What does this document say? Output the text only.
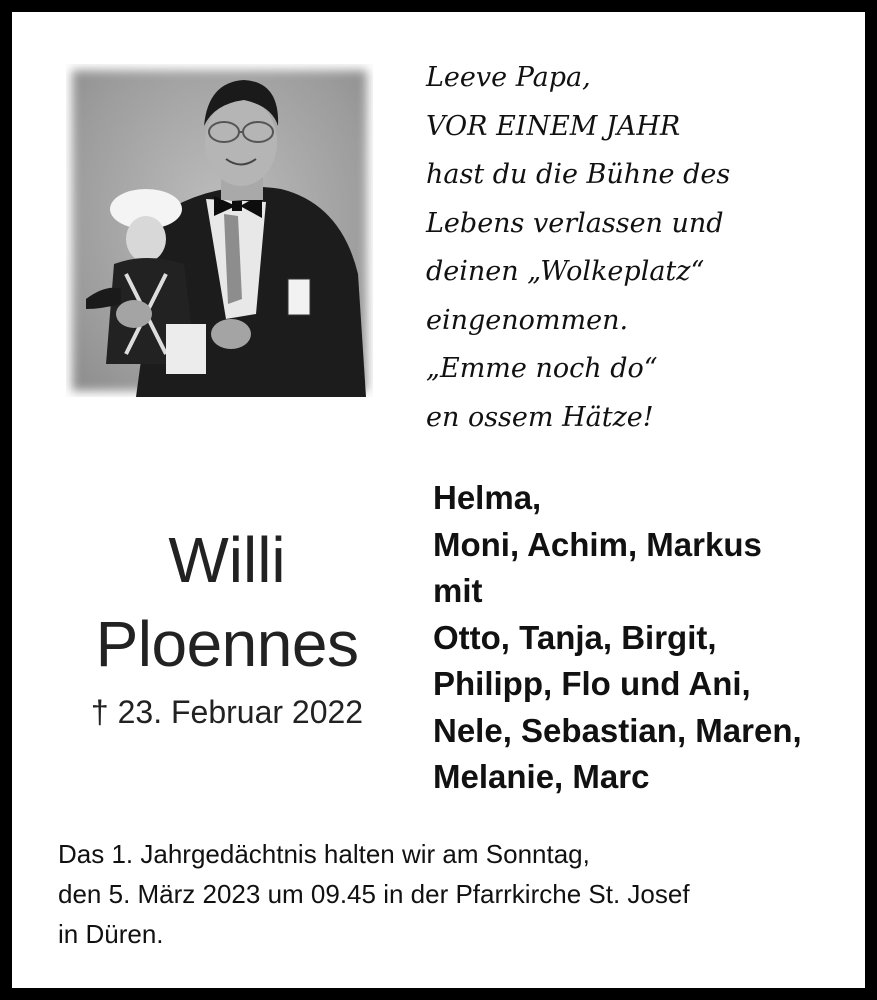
Leeve Papa,
VOR EINEM JAHR
hast du die Bühne des
Lebens verlassen und
deinen „Wolkeplatz“
eingenommen.
„Emme noch do“
en ossem Hätze!
Willi
Ploennes
† 23. Februar 2022
Helma,
Moni, Achim, Markus
mit
Otto, Tanja, Birgit,
Philipp, Flo und Ani,
Nele, Sebastian, Maren,
Melanie, Marc
Das 1. Jahrgedächtnis halten wir am Sonntag,
den 5. März 2023 um 09.45 in der Pfarrkirche St. Josef
in Düren.
